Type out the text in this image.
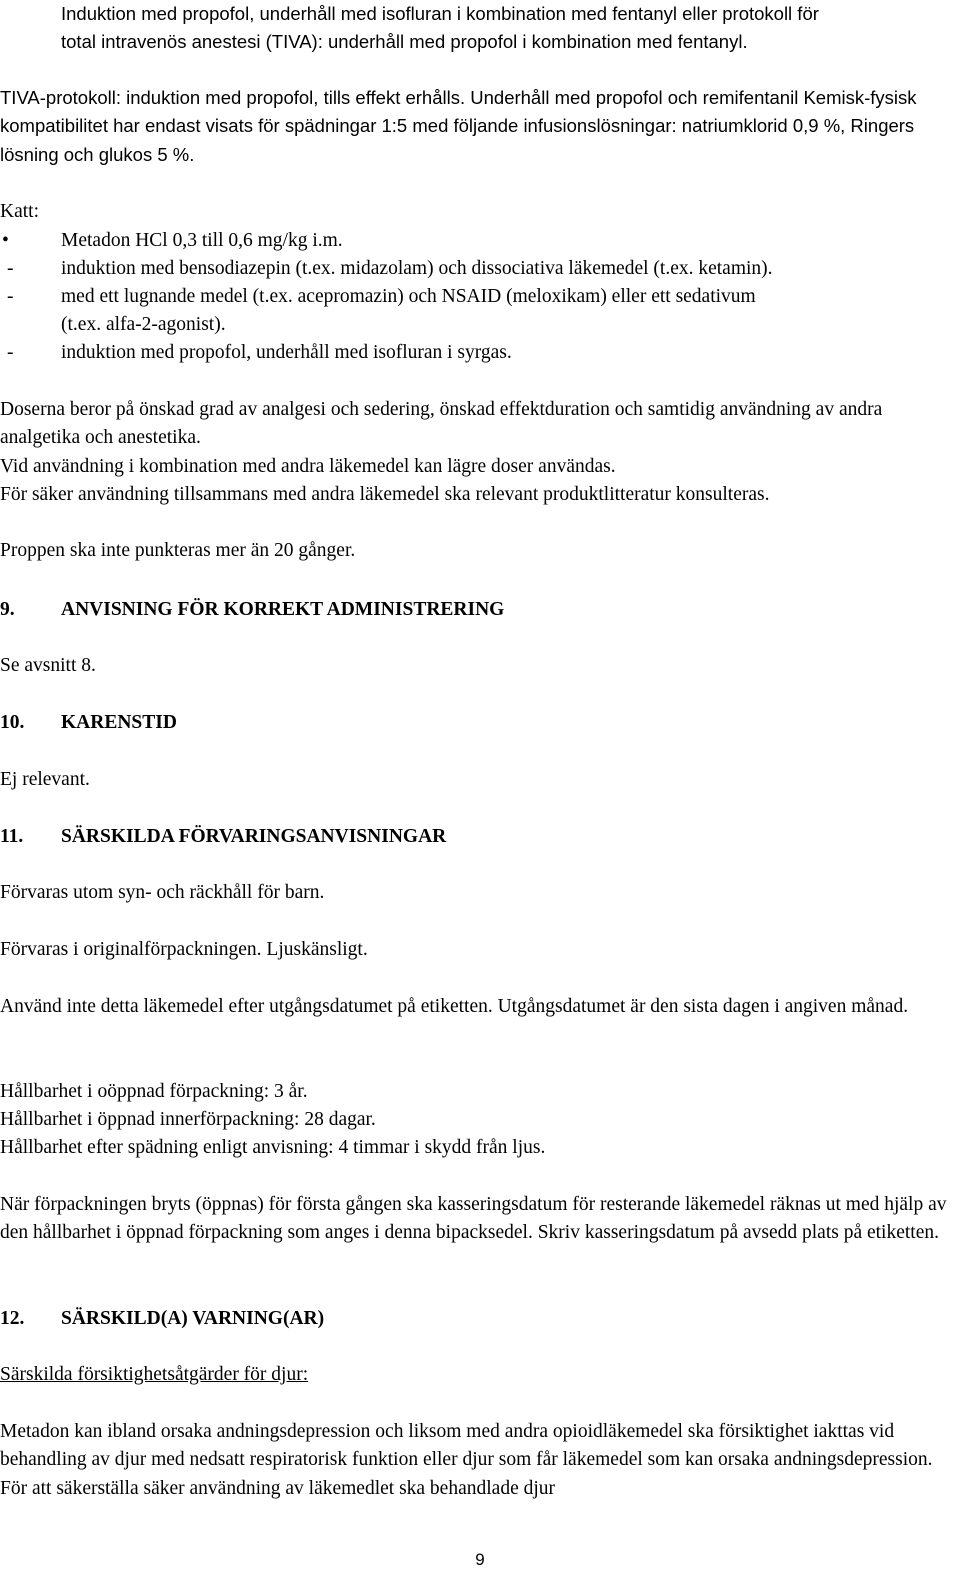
Induktion med propofol, underhåll med isofluran i kombination med fentanyl eller protokoll för
total intravenös anestesi (TIVA): underhåll med propofol i kombination med fentanyl.

TIVA-protokoll: induktion med propofol, tills effekt erhålls. Underhåll med propofol och remifentanil Kemisk-fysisk kompatibilitet har endast visats för spädningar 1:5 med följande infusionslösningar: natriumklorid 0,9 %, Ringers lösning och glukos 5 %.

Katt:
•	Metadon HCl 0,3 till 0,6 mg/kg i.m.
- induktion med bensodiazepin (t.ex. midazolam) och dissociativa läkemedel (t.ex. ketamin).
- med ett lugnande medel (t.ex. acepromazin) och NSAID (meloxikam) eller ett sedativum
(t.ex. alfa-2-agonist).
- induktion med propofol, underhåll med isofluran i syrgas.

Doserna beror på önskad grad av analgesi och sedering, önskad effektduration och samtidig användning av andra analgetika och anestetika.

Vid användning i kombination med andra läkemedel kan lägre doser användas.
För säker användning tillsammans med andra läkemedel ska relevant produktlitteratur konsulteras.
Proppen ska inte punkteras mer än 20 gånger.
9. ANVISNING FÖR KORREKT ADMINISTRERING
Se avsnitt 8.
10. KARENSTID
Ej relevant.
11. SÄRSKILDA FÖRVARINGSANVISNINGAR
Förvaras utom syn- och räckhåll för barn.
Förvaras i originalförpackningen. Ljuskänsligt.

Använd inte detta läkemedel efter utgångsdatumet på etiketten. Utgångsdatumet är den sista dagen i angiven månad.

Hållbarhet i oöppnad förpackning: 3 år.
Hållbarhet i öppnad innerförpackning: 28 dagar.
Hållbarhet efter spädning enligt anvisning: 4 timmar i skydd från ljus.

När förpackningen bryts (öppnas) för första gången ska kasseringsdatum för resterande läkemedel räknas ut med hjälp av den hållbarhet i öppnad förpackning som anges i denna bipacksedel. Skriv kasseringsdatum på avsedd plats på etiketten.

12. SÄRSKILD(A) VARNING(AR)
Särskilda försiktighetsåtgärder för djur:

Metadon kan ibland orsaka andningsdepression och liksom med andra opioidläkemedel ska försiktighet iakttas vid behandling av djur med nedsatt respiratorisk funktion eller djur som får läkemedel som kan orsaka andningsdepression. För att säkerställa säker användning av läkemedlet ska behandlade djur

9
